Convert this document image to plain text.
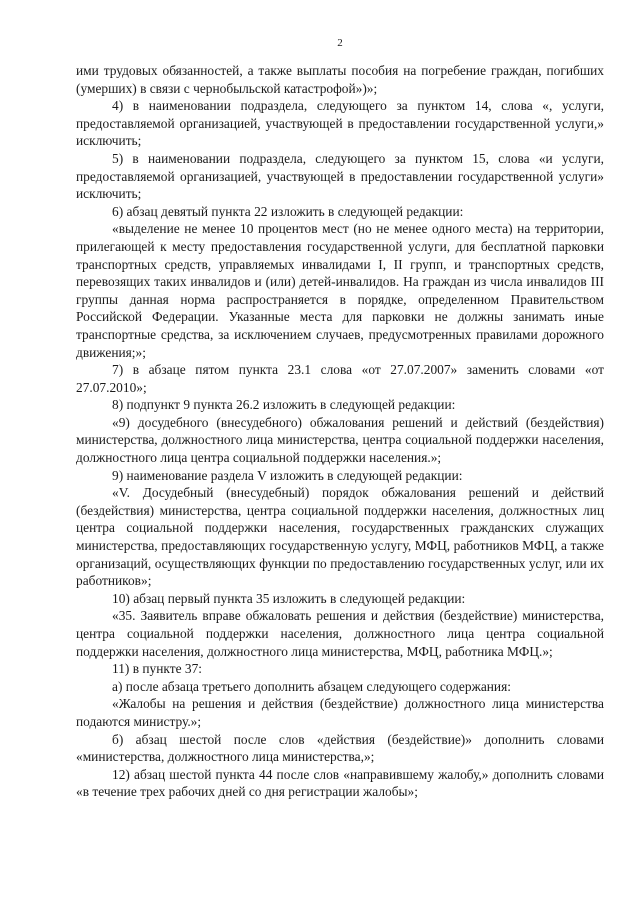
2

ими трудовых обязанностей, а также выплаты пособия на погребение граждан, погибших (умерших) в связи с чернобыльской катастрофой»)»;

4) в наименовании подраздела, следующего за пунктом 14, слова «, услуги, предоставляемой организацией, участвующей в предоставлении государственной услуги,» исключить;

5) в наименовании подраздела, следующего за пунктом 15, слова «и услуги, предоставляемой организацией, участвующей в предоставлении государственной услуги» исключить;

6) абзац девятый пункта 22 изложить в следующей редакции:

«выделение не менее 10 процентов мест (но не менее одного места) на территории, прилегающей к месту предоставления государственной услуги, для бесплатной парковки транспортных средств, управляемых инвалидами I, II групп, и транспортных средств, перевозящих таких инвалидов и (или) детей-инвалидов. На граждан из числа инвалидов III группы данная норма распространяется в порядке, определенном Правительством Российской Федерации. Указанные места для парковки не должны занимать иные транспортные средства, за исключением случаев, предусмотренных правилами дорожного движения;»;

7) в абзаце пятом пункта 23.1 слова «от 27.07.2007» заменить словами «от 27.07.2010»;

8) подпункт 9 пункта 26.2 изложить в следующей редакции:

«9) досудебного (внесудебного) обжалования решений и действий (бездействия) министерства, должностного лица министерства, центра социальной поддержки населения, должностного лица центра социальной поддержки населения.»;

9) наименование раздела V изложить в следующей редакции:

«V. Досудебный (внесудебный) порядок обжалования решений и действий (бездействия) министерства, центра социальной поддержки населения, должностных лиц центра социальной поддержки населения, государственных гражданских служащих министерства, предоставляющих государственную услугу, МФЦ, работников МФЦ, а также организаций, осуществляющих функции по предоставлению государственных услуг, или их работников»;

10) абзац первый пункта 35 изложить в следующей редакции:

«35. Заявитель вправе обжаловать решения и действия (бездействие) министерства, центра социальной поддержки населения, должностного лица центра социальной поддержки населения, должностного лица министерства, МФЦ, работника МФЦ.»;

11) в пункте 37:

а) после абзаца третьего дополнить абзацем следующего содержания:

«Жалобы на решения и действия (бездействие) должностного лица министерства подаются министру.»;

б) абзац шестой после слов «действия (бездействие)» дополнить словами «министерства, должностного лица министерства,»;

12) абзац шестой пункта 44 после слов «направившему жалобу,» дополнить словами «в течение трех рабочих дней со дня регистрации жалобы»;
